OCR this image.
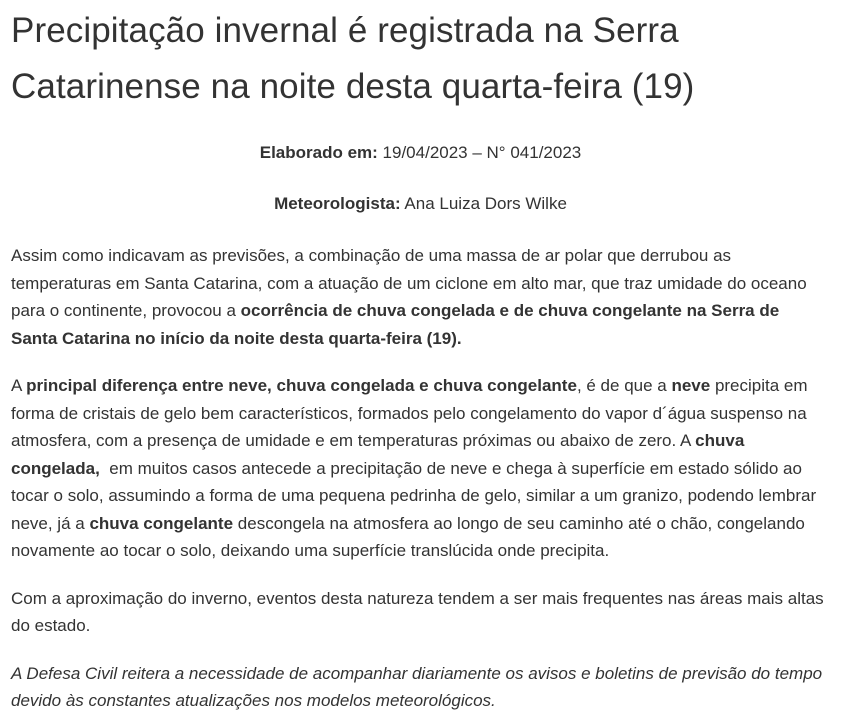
Precipitação invernal é registrada na Serra Catarinense na noite desta quarta-feira (19)

Elaborado em: 19/04/2023 – N° 041/2023

Meteorologista: Ana Luiza Dors Wilke

Assim como indicavam as previsões, a combinação de uma massa de ar polar que derrubou as temperaturas em Santa Catarina, com a atuação de um ciclone em alto mar, que traz umidade do oceano para o continente, provocou a ocorrência de chuva congelada e de chuva congelante na Serra de Santa Catarina no início da noite desta quarta-feira (19).

A principal diferença entre neve, chuva congelada e chuva congelante, é de que a neve precipita em forma de cristais de gelo bem característicos, formados pelo congelamento do vapor d´água suspenso na atmosfera, com a presença de umidade e em temperaturas próximas ou abaixo de zero. A chuva congelada,  em muitos casos antecede a precipitação de neve e chega à superfície em estado sólido ao tocar o solo, assumindo a forma de uma pequena pedrinha de gelo, similar a um granizo, podendo lembrar neve, já a chuva congelante descongela na atmosfera ao longo de seu caminho até o chão, congelando novamente ao tocar o solo, deixando uma superfície translúcida onde precipita.

Com a aproximação do inverno, eventos desta natureza tendem a ser mais frequentes nas áreas mais altas do estado.

A Defesa Civil reitera a necessidade de acompanhar diariamente os avisos e boletins de previsão do tempo devido às constantes atualizações nos modelos meteorológicos.
